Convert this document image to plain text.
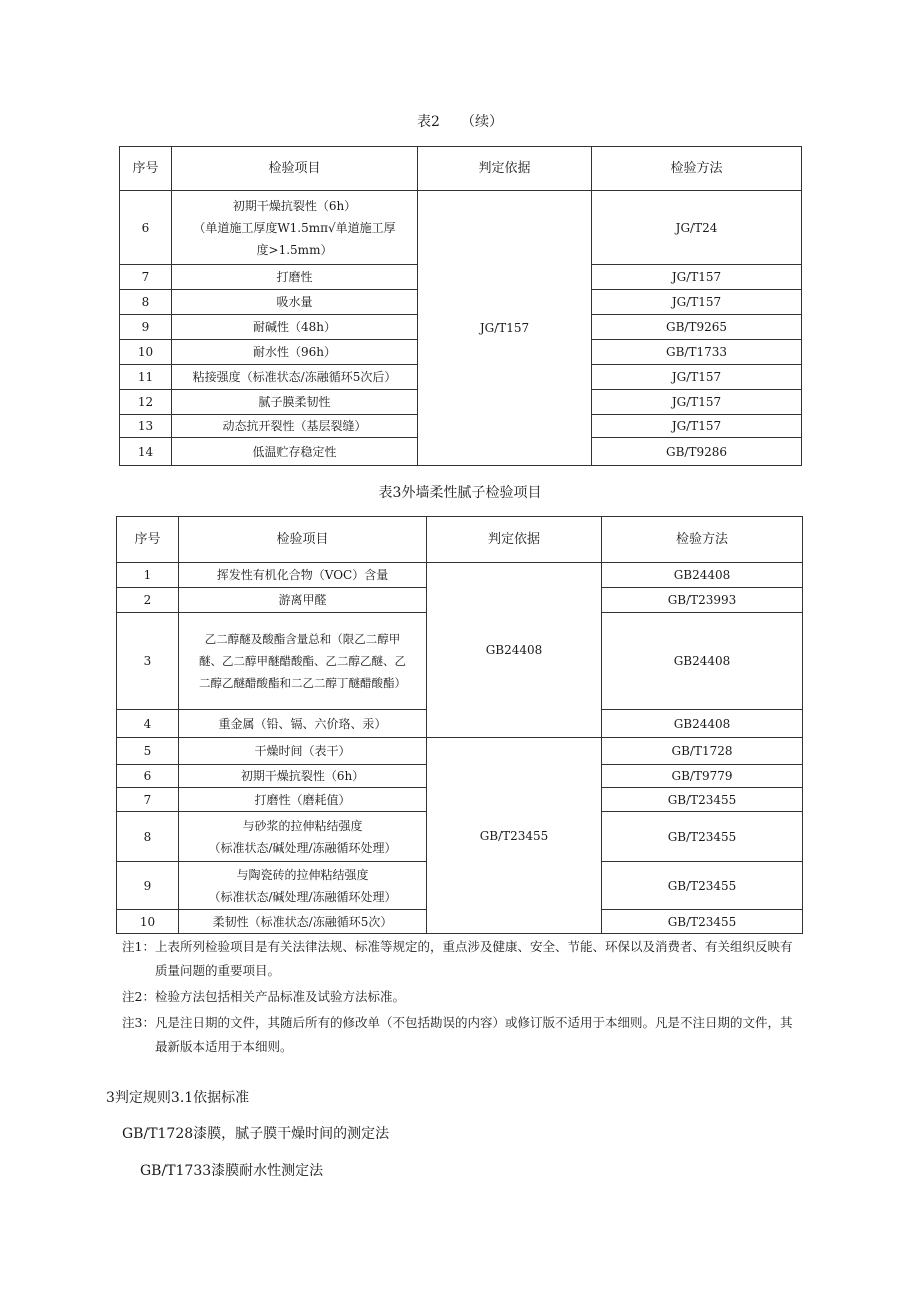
表2　　（续）
序号	检验项目	判定依据	检验方法
6	初期干燥抗裂性（6h）
（单道施工厚度W1.5mπ√单道施工厚
度>1.5mm）	JG/T157	JG/T24
7	打磨性		JG/T157
8	吸水量		JG/T157
9	耐碱性（48h）		GB/T9265
10	耐水性（96h）		GB/T1733
11	粘接强度（标准状态/冻融循环5次后）		JG/T157
12	腻子膜柔韧性		JG/T157
13	动态抗开裂性（基层裂缝）		JG/T157
14	低温贮存稳定性		GB/T9286
表3外墙柔性腻子检验项目
序号	检验项目	判定依据	检验方法
1	挥发性有机化合物（VOC）含量	GB24408	GB24408
2	游离甲醛		GB/T23993
3	乙二醇醚及酸酯含量总和（限乙二醇甲
醚、乙二醇甲醚醋酸酯、乙二醇乙醚、乙
二醇乙醚醋酸酯和二乙二醇丁醚醋酸酯）		GB24408
4	重金属（铅、镉、六价珞、汞）		GB24408
5	干燥时间（表干）	GB/T23455	GB/T1728
6	初期干燥抗裂性（6h）		GB/T9779
7	打磨性（磨耗值）		GB/T23455
8	与砂浆的拉伸粘结强度
（标准状态/碱处理/冻融循环处理）		GB/T23455
9	与陶瓷砖的拉伸粘结强度
（标准状态/碱处理/冻融循环处理）		GB/T23455
10	柔韧性（标准状态/冻融循环5次）		GB/T23455
注1： 上表所列检验项目是有关法律法规、标准等规定的，重点涉及健康、安全、节能、环保以及消费者、有关组织反映有质量问题的重要项目。
注2： 检验方法包括相关产品标准及试验方法标准。
注3： 凡是注日期的文件，其随后所有的修改单（不包括勘误的内容）或修订版不适用于本细则。凡是不注日期的文件，其最新版本适用于本细则。
3判定规则3.1依据标准
GB/T1728漆膜，腻子膜干燥时间的测定法
GB/T1733漆膜耐水性测定法
